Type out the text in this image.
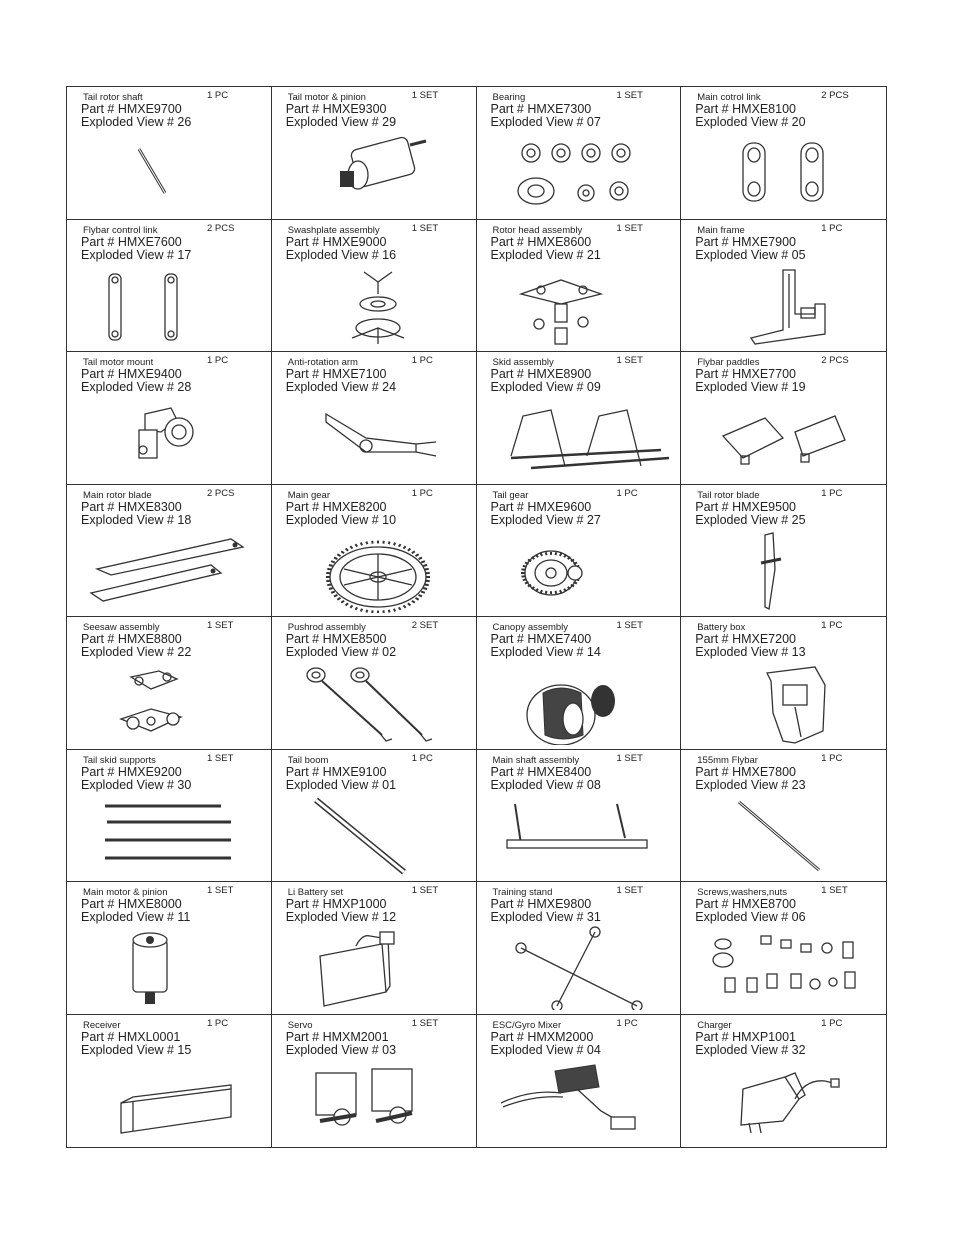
Tail rotor shaft	1 PC
Part # HMXE9700
Exploded View # 26
Tail motor & pinion	1 SET
Part # HMXE9300
Exploded View # 29
Bearing	1 SET
Part # HMXE7300
Exploded View # 07
Main cotrol link	2 PCS
Part # HMXE8100
Exploded View # 20
Flybar control link	2 PCS
Part # HMXE7600
Exploded View # 17
Swashplate assembly	1 SET
Part # HMXE9000
Exploded View # 16
Rotor head assembly	1 SET
Part # HMXE8600
Exploded View # 21
Main frame	1 PC
Part # HMXE7900
Exploded View # 05
Tail motor mount	1 PC
Part # HMXE9400
Exploded View # 28
Anti-rotation arm	1 PC
Part # HMXE7100
Exploded View # 24
Skid assembly	1 SET
Part # HMXE8900
Exploded View # 09
Flybar paddles	2 PCS
Part # HMXE7700
Exploded View # 19
Main rotor blade	2 PCS
Part # HMXE8300
Exploded View # 18
Main gear	1 PC
Part # HMXE8200
Exploded View # 10
Tail gear	1 PC
Part # HMXE9600
Exploded View # 27
Tail rotor blade	1 PC
Part # HMXE9500
Exploded View # 25
Seesaw assembly	1 SET
Part # HMXE8800
Exploded View # 22
Pushrod assembly	2 SET
Part # HMXE8500
Exploded View # 02
Canopy assembly	1 SET
Part # HMXE7400
Exploded View # 14
Battery box	1 PC
Part # HMXE7200
Exploded View # 13
Tail skid supports	1 SET
Part # HMXE9200
Exploded View # 30
Tail boom	1 PC
Part # HMXE9100
Exploded View # 01
Main shaft assembly	1 SET
Part # HMXE8400
Exploded View # 08
155mm Flybar	1 PC
Part # HMXE7800
Exploded View # 23
Main motor & pinion	1 SET
Part # HMXE8000
Exploded View # 11
Li Battery set	1 SET
Part # HMXP1000
Exploded View # 12
Training stand	1 SET
Part # HMXE9800
Exploded View # 31
Screws,washers,nuts	1 SET
Part # HMXE8700
Exploded View # 06
Receiver	1 PC
Part # HMXL0001
Exploded View # 15
Servo	1 SET
Part # HMXM2001
Exploded View # 03
ESC/Gyro Mixer	1 PC
Part # HMXM2000
Exploded View # 04
Charger	1 PC
Part # HMXP1001
Exploded View # 32
